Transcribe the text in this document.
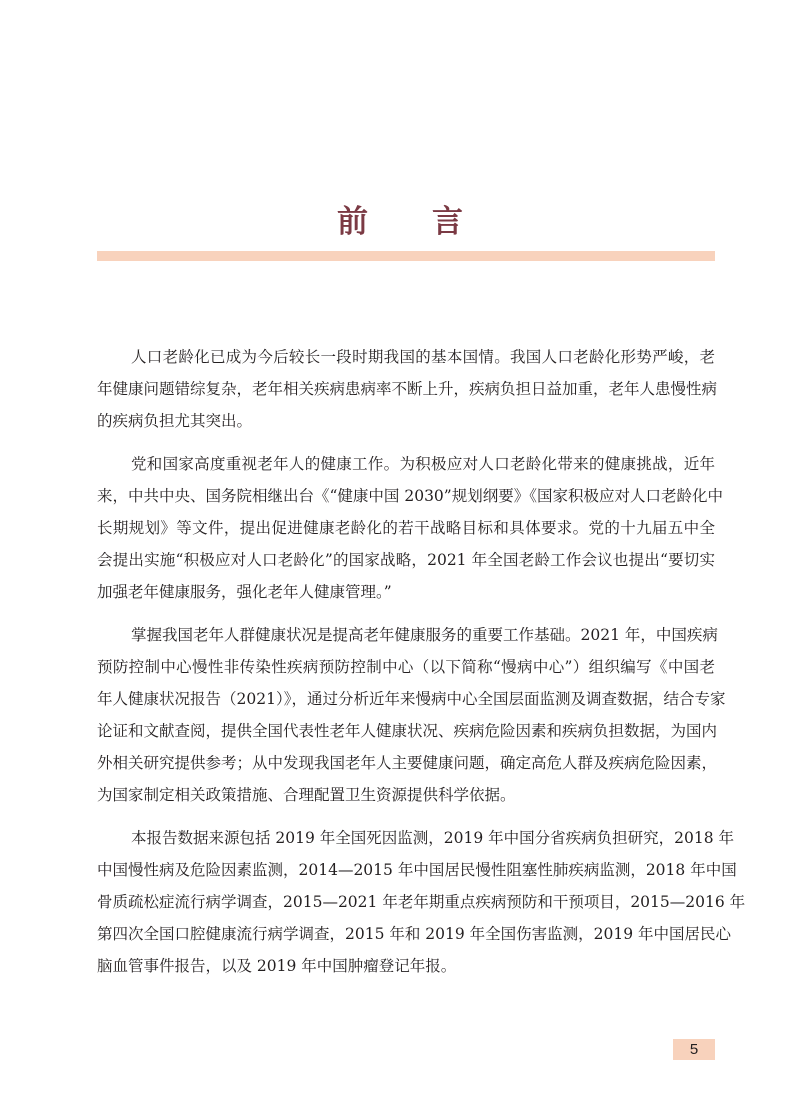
前 言
人口老龄化已成为今后较长一段时期我国的基本国情。我国人口老龄化形势严峻，老
年健康问题错综复杂，老年相关疾病患病率不断上升，疾病负担日益加重，老年人患慢性病
的疾病负担尤其突出。
党和国家高度重视老年人的健康工作。为积极应对人口老龄化带来的健康挑战，近年
来，中共中央、国务院相继出台《“健康中国 2030”规划纲要》《国家积极应对人口老龄化中
长期规划》等文件，提出促进健康老龄化的若干战略目标和具体要求。党的十九届五中全
会提出实施“积极应对人口老龄化”的国家战略，2021 年全国老龄工作会议也提出“要切实
加强老年健康服务，强化老年人健康管理。”
掌握我国老年人群健康状况是提高老年健康服务的重要工作基础。2021 年，中国疾病
预防控制中心慢性非传染性疾病预防控制中心（以下简称“慢病中心”）组织编写《中国老
年人健康状况报告（2021）》，通过分析近年来慢病中心全国层面监测及调查数据，结合专家
论证和文献查阅，提供全国代表性老年人健康状况、疾病危险因素和疾病负担数据，为国内
外相关研究提供参考；从中发现我国老年人主要健康问题，确定高危人群及疾病危险因素，
为国家制定相关政策措施、合理配置卫生资源提供科学依据。
本报告数据来源包括 2019 年全国死因监测，2019 年中国分省疾病负担研究，2018 年
中国慢性病及危险因素监测，2014—2015 年中国居民慢性阻塞性肺疾病监测，2018 年中国
骨质疏松症流行病学调查，2015—2021 年老年期重点疾病预防和干预项目，2015—2016 年
第四次全国口腔健康流行病学调查，2015 年和 2019 年全国伤害监测，2019 年中国居民心
脑血管事件报告，以及 2019 年中国肿瘤登记年报。
5
